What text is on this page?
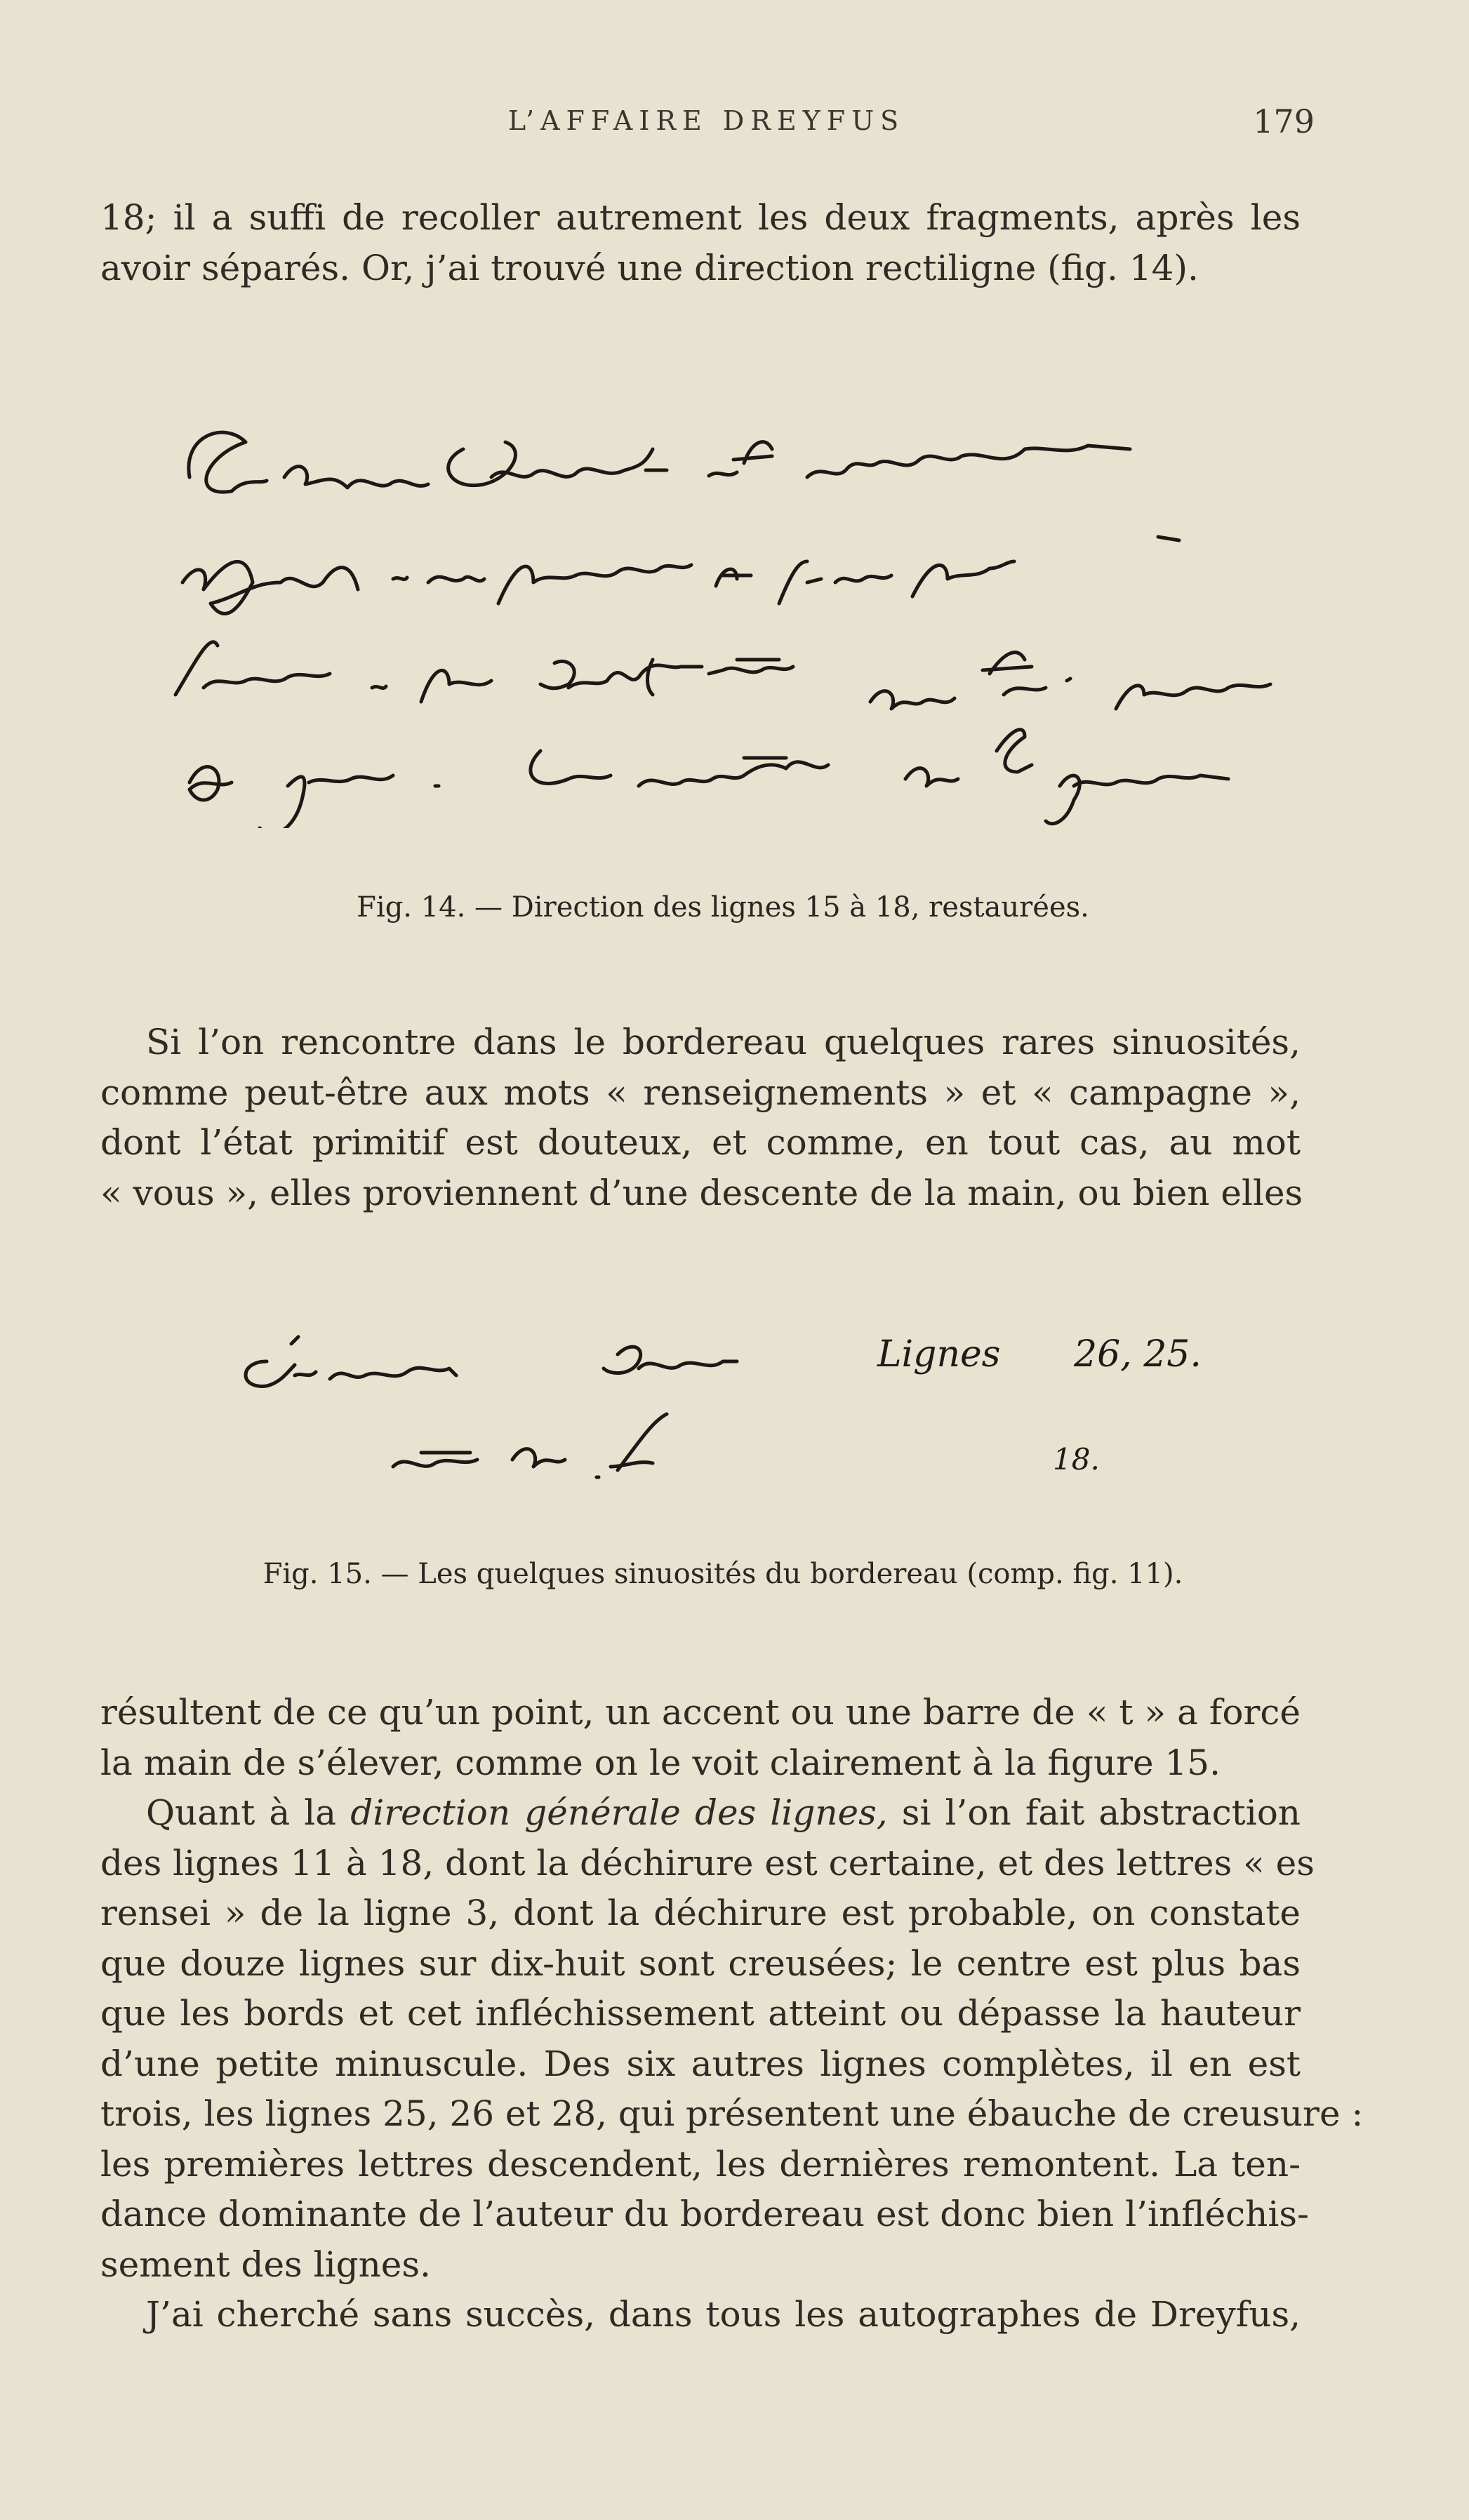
L’AFFAIRE DREYFUS	179
18; il a suffi de recoller autrement les deux fragments, après les
avoir séparés. Or, j’ai trouvé une direction rectiligne (fig. 14).
Fig. 14. — Direction des lignes 15 à 18, restaurées.
Si l’on rencontre dans le bordereau quelques rares sinuosités,
comme peut-être aux mots « renseignements » et « campagne »,
dont l’état primitif est douteux, et comme, en tout cas, au mot
« vous », elles proviennent d’une descente de la main, ou bien elles
Lignes 26, 25.
18.
Fig. 15. — Les quelques sinuosités du bordereau (comp. fig. 11).
résultent de ce qu’un point, un accent ou une barre de « t » a forcé
la main de s’élever, comme on le voit clairement à la figure 15.
Quant à la direction générale des lignes, si l’on fait abstraction
des lignes 11 à 18, dont la déchirure est certaine, et des lettres « es
rensei » de la ligne 3, dont la déchirure est probable, on constate
que douze lignes sur dix-huit sont creusées; le centre est plus bas
que les bords et cet infléchissement atteint ou dépasse la hauteur
d’une petite minuscule. Des six autres lignes complètes, il en est
trois, les lignes 25, 26 et 28, qui présentent une ébauche de creusure :
les premières lettres descendent, les dernières remontent. La ten-
dance dominante de l’auteur du bordereau est donc bien l’infléchis-
sement des lignes.
J’ai cherché sans succès, dans tous les autographes de Dreyfus,
